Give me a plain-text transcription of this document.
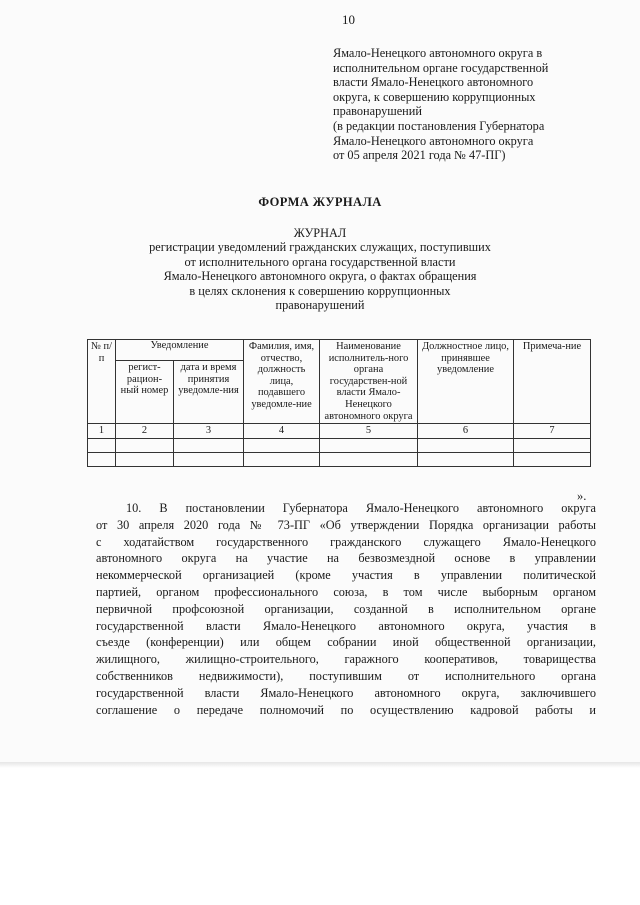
10
Ямало-Ненецкого автономного округа в
исполнительном органе государственной
власти Ямало-Ненецкого автономного
округа, к совершению коррупционных
правонарушений
(в редакции постановления Губернатора
Ямало-Ненецкого автономного округа
от 05 апреля 2021 года № 47-ПГ)
ФОРМА ЖУРНАЛА
ЖУРНАЛ
регистрации уведомлений гражданских служащих, поступивших
от исполнительного органа государственной власти
Ямало-Ненецкого автономного округа, о фактах обращения
в целях склонения к совершению коррупционных
правонарушений
№ п/п	Уведомление		Фамилия, имя, отчество, должность лица, подавшего уведомле-ние	Наименование исполнитель-ного органа государствен-ной власти Ямало-Ненецкого автономного округа	Должностное лицо, принявшее уведомление	Примеча-ние
	регист-рацион-ный номер	дата и время принятия уведомле-ния				
1	2	3	4	5	6	7

».
10. В постановлении Губернатора Ямало-Ненецкого автономного округа
от 30 апреля 2020 года № 73-ПГ «Об утверждении Порядка организации работы
с ходатайством государственного гражданского служащего Ямало-Ненецкого
автономного округа на участие на безвозмездной основе в управлении
некоммерческой организацией (кроме участия в управлении политической
партией, органом профессионального союза, в том числе выборным органом
первичной профсоюзной организации, созданной в исполнительном органе
государственной власти Ямало-Ненецкого автономного округа, участия в
съезде (конференции) или общем собрании иной общественной организации,
жилищного, жилищно-строительного, гаражного кооперативов, товарищества
собственников недвижимости), поступившим от исполнительного органа
государственной власти Ямало-Ненецкого автономного округа, заключившего
соглашение о передаче полномочий по осуществлению кадровой работы и
